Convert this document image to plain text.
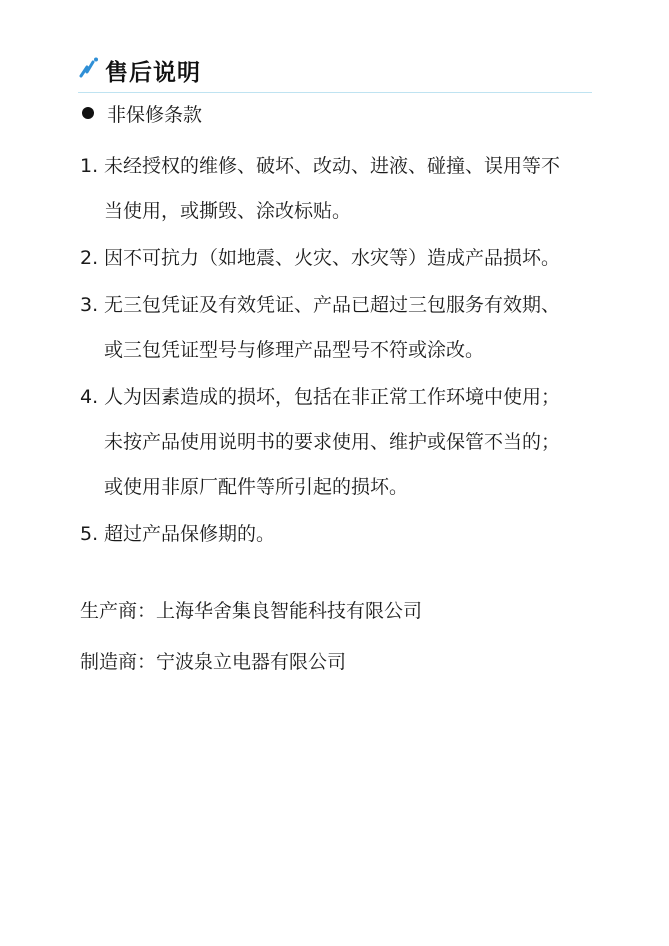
售后说明
非保修条款
1. 未经授权的维修、破坏、改动、进液、碰撞、误用等不
当使用，或撕毁、涂改标贴。
2. 因不可抗力（如地震、火灾、水灾等）造成产品损坏。
3. 无三包凭证及有效凭证、产品已超过三包服务有效期、
或三包凭证型号与修理产品型号不符或涂改。
4. 人为因素造成的损坏，包括在非正常工作环境中使用；
未按产品使用说明书的要求使用、维护或保管不当的；
或使用非原厂配件等所引起的损坏。
5. 超过产品保修期的。
生产商： 上海华舍集良智能科技有限公司
制造商： 宁波泉立电器有限公司
